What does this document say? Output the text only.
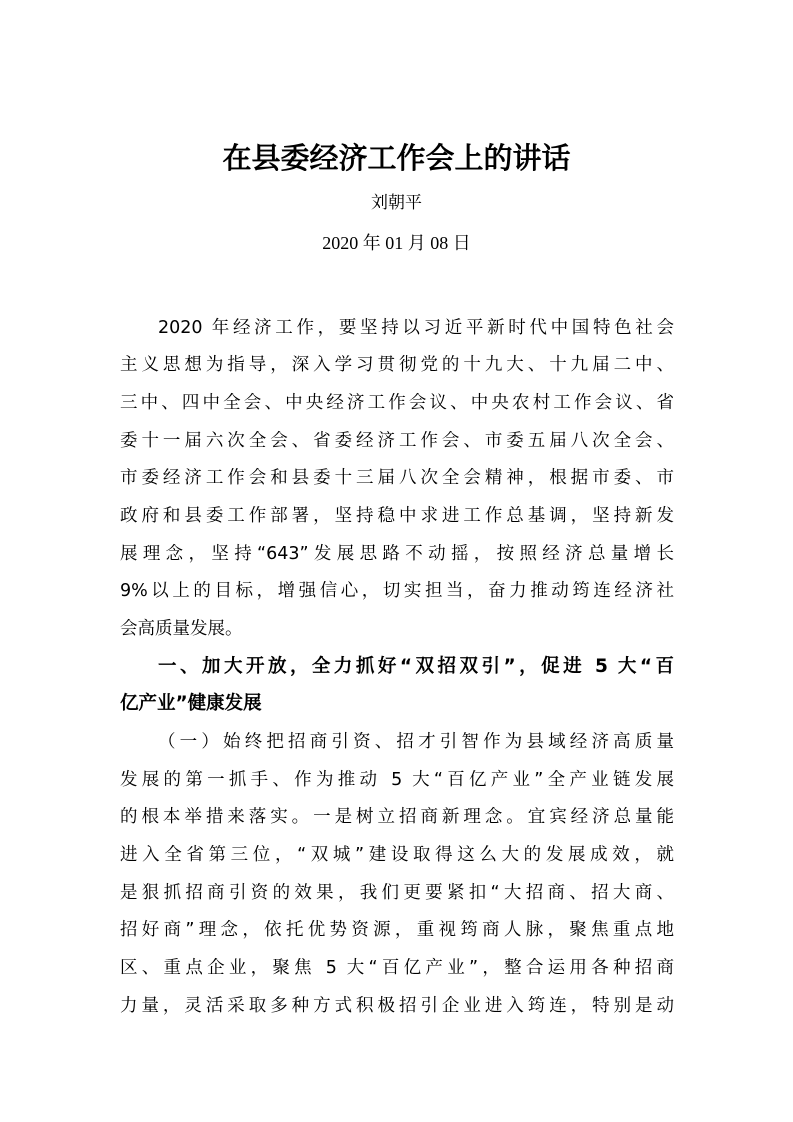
在县委经济工作会上的讲话
刘朝平
2020 年 01 月 08 日
2020 年经济工作，要坚持以习近平新时代中国特色社会
主义思想为指导，深入学习贯彻党的十九大、十九届二中、
三中、四中全会、中央经济工作会议、中央农村工作会议、省
委十一届六次全会、省委经济工作会、市委五届八次全会、
市委经济工作会和县委十三届八次全会精神，根据市委、市
政府和县委工作部署，坚持稳中求进工作总基调，坚持新发
展理念，坚持“643”发展思路不动摇，按照经济总量增长
9%以上的目标，增强信心，切实担当，奋力推动筠连经济社
会高质量发展。
一、加大开放，全力抓好“双招双引”，促进 5 大“百
亿产业”健康发展
（一）始终把招商引资、招才引智作为县域经济高质量
发展的第一抓手、作为推动 5 大“百亿产业”全产业链发展
的根本举措来落实。一是树立招商新理念。宜宾经济总量能
进入全省第三位，“双城”建设取得这么大的发展成效，就
是狠抓招商引资的效果，我们更要紧扣“大招商、招大商、
招好商”理念，依托优势资源，重视筠商人脉，聚焦重点地
区、重点企业，聚焦 5 大“百亿产业”，整合运用各种招商
力量，灵活采取多种方式积极招引企业进入筠连，特别是动
